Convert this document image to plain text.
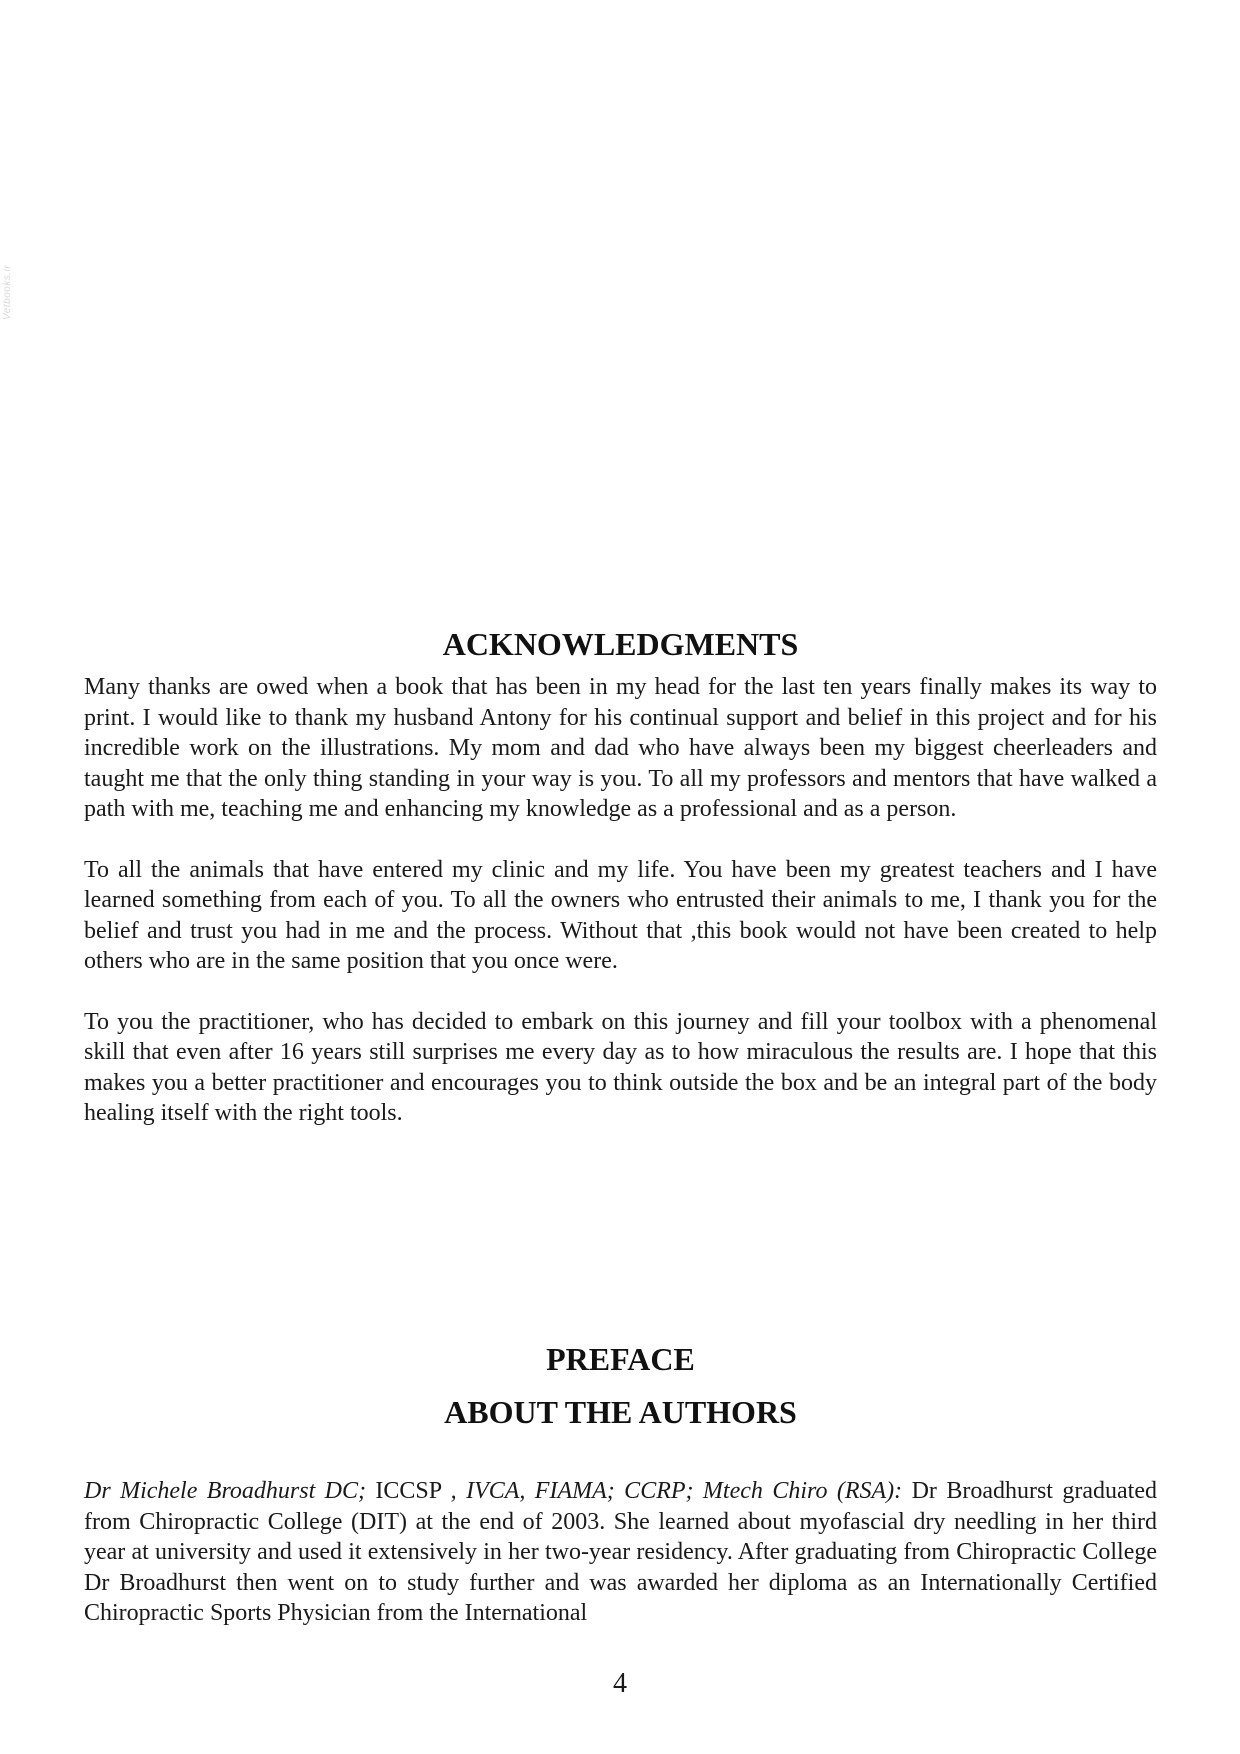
Vetbooks.ir
ACKNOWLEDGMENTS

Many thanks are owed when a book that has been in my head for the last ten years finally makes its way to print. I would like to thank my husband Antony for his continual support and belief in this project and for his incredible work on the illustrations. My mom and dad who have always been my biggest cheerleaders and taught me that the only thing standing in your way is you. To all my professors and mentors that have walked a path with me, teaching me and enhancing my knowledge as a professional and as a person.

To all the animals that have entered my clinic and my life. You have been my greatest teachers and I have learned something from each of you. To all the owners who entrusted their animals to me, I thank you for the belief and trust you had in me and the process. Without that ,this book would not have been created to help others who are in the same position that you once were.

To you the practitioner, who has decided to embark on this journey and fill your toolbox with a phenomenal skill that even after 16 years still surprises me every day as to how miraculous the results are. I hope that this makes you a better practitioner and encourages you to think outside the box and be an integral part of the body healing itself with the right tools.

PREFACE
ABOUT THE AUTHORS

Dr Michele Broadhurst DC; ICCSP , IVCA, FIAMA; CCRP; Mtech Chiro (RSA): Dr Broadhurst graduated from Chiropractic College (DIT) at the end of 2003. She learned about myofascial dry needling in her third year at university and used it extensively in her two-year residency. After graduating from Chiropractic College Dr Broadhurst then went on to study further and was awarded her diploma as an Internationally Certified Chiropractic Sports Physician from the International

4
